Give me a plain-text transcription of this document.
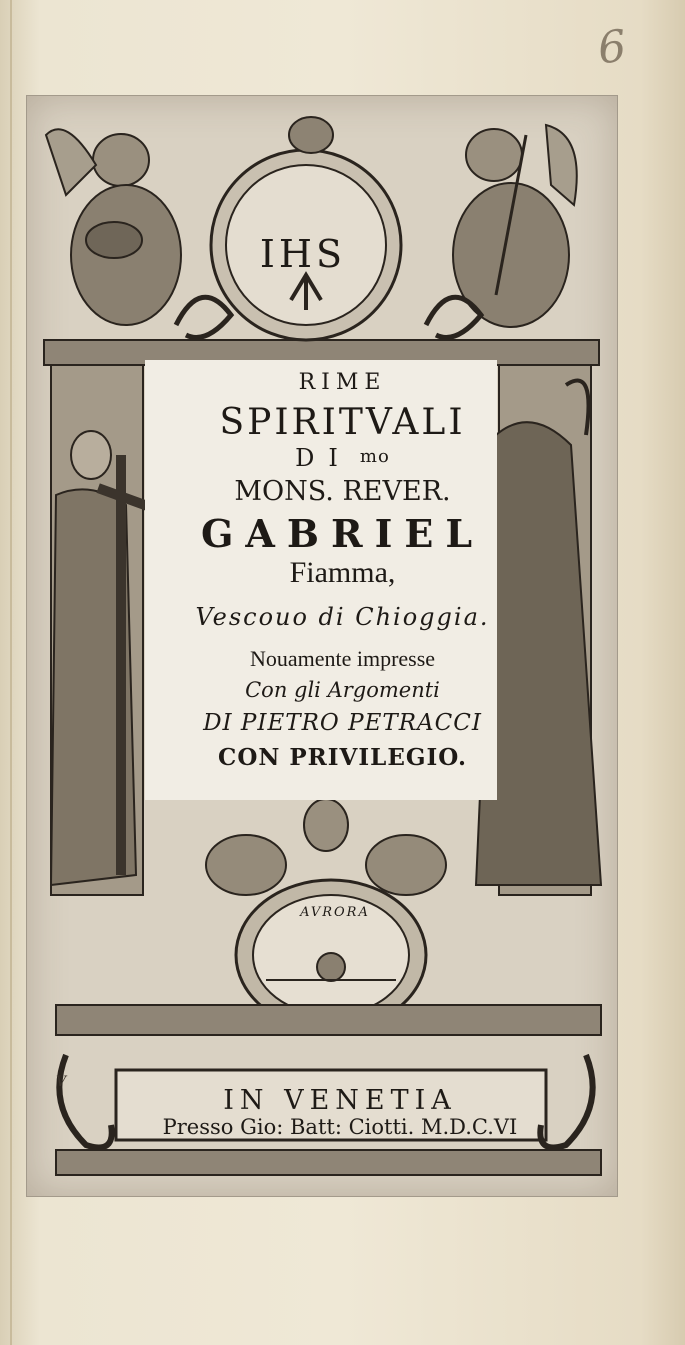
6
IHS
RIME
SPIRITVALI
DI mo
MONS. REVER.
GABRIEL
Fiamma,
Vescouo di Chioggia.
Nouamente impresse
Con gli Argomenti
DI PIETRO PETRACCI
CON PRIVILEGIO.
AVRORA
V
IN VENETIA
Presso Gio: Batt: Ciotti. M.D.C.VI
